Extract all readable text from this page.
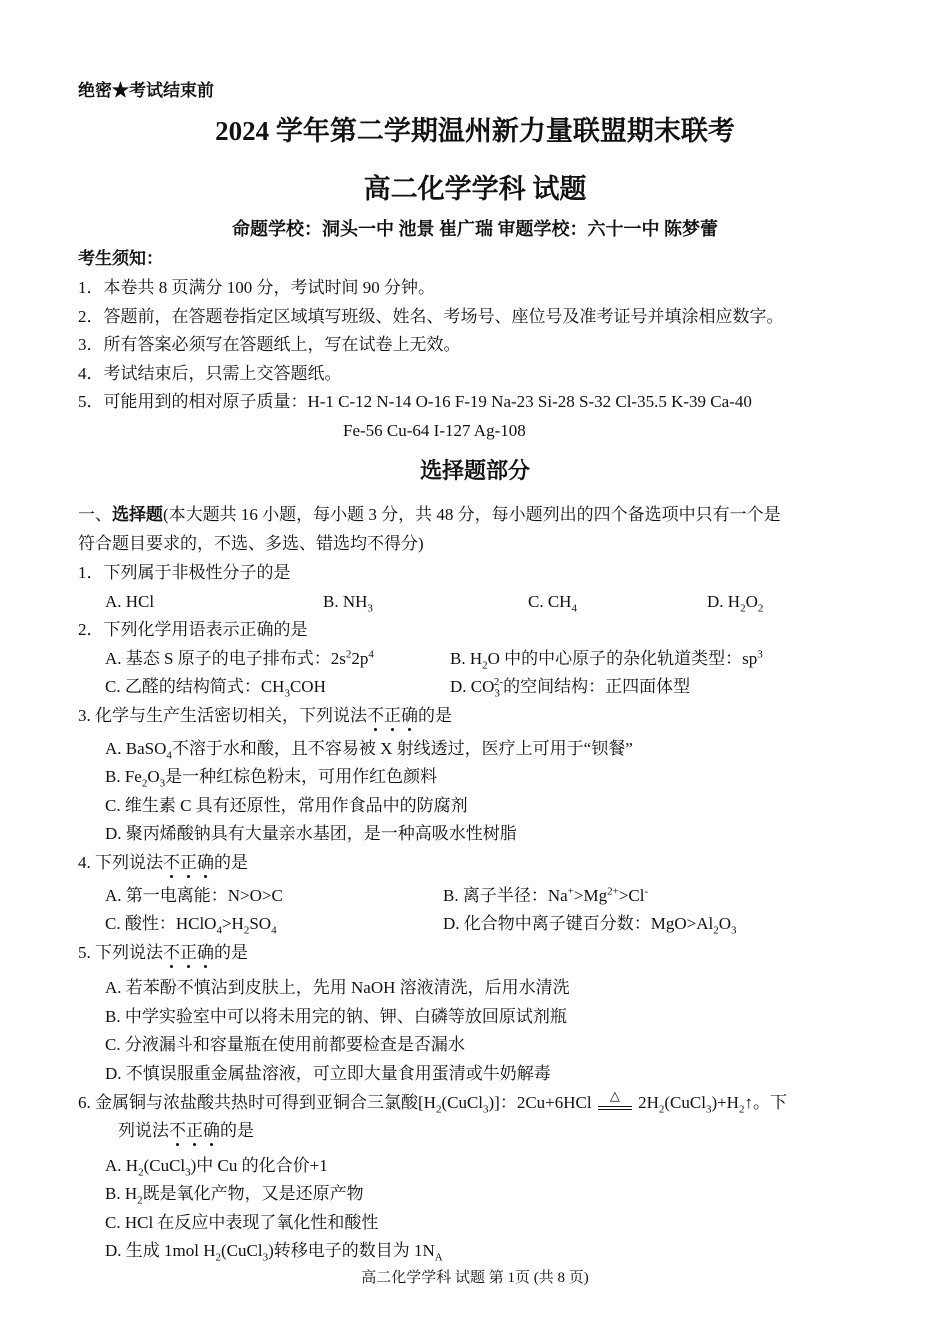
绝密★考试结束前
2024 学年第二学期温州新力量联盟期末联考
高二化学学科 试题
命题学校：洞头一中 池景 崔广瑞 审题学校：六十一中 陈梦蕾
考生须知：
1．本卷共 8 页满分 100 分，考试时间 90 分钟。
2．答题前，在答题卷指定区域填写班级、姓名、考场号、座位号及准考证号并填涂相应数字。
3．所有答案必须写在答题纸上，写在试卷上无效。
4．考试结束后，只需上交答题纸。
5．可能用到的相对原子质量：H-1 C-12 N-14 O-16 F-19 Na-23 Si-28 S-32 Cl-35.5 K-39 Ca-40
Fe-56 Cu-64 I-127 Ag-108
选择题部分
一、选择题(本大题共 16 小题，每小题 3 分，共 48 分，每小题列出的四个备选项中只有一个是
符合题目要求的，不选、多选、错选均不得分)
1．下列属于非极性分子的是
A. HCl	B. $NH_3$	C. $CH_4$	D. $H_2O_2$
2．下列化学用语表示正确的是
A. 基态 S 原子的电子排布式：$2s^22p^4$	B. $H_2O$ 中的中心原子的杂化轨道类型：$sp^3$
C. 乙醛的结构简式：$CH_3COH$	D. $CO_3^{2-}$的空间结构：正四面体型
3. 化学与生产生活密切相关，下列说法不正确的是
A. BaSO$_4$不溶于水和酸，且不容易被 X 射线透过，医疗上可用于“钡餐”
B. $Fe_2O_3$是一种红棕色粉末，可用作红色颜料
C. 维生素 C 具有还原性，常用作食品中的防腐剂
D. 聚丙烯酸钠具有大量亲水基团，是一种高吸水性树脂
4. 下列说法不正确的是
A. 第一电离能：N>O>C	B. 离子半径：$Na^+>Mg^{2+}>Cl^-$
C. 酸性：$HClO_4>H_2SO_4$	D. 化合物中离子键百分数：$MgO>Al_2O_3$
5. 下列说法不正确的是
A. 若苯酚不慎沾到皮肤上，先用 NaOH 溶液清洗，后用水清洗
B. 中学实验室中可以将未用完的钠、钾、白磷等放回原试剂瓶
C. 分液漏斗和容量瓶在使用前都要检查是否漏水
D. 不慎误服重金属盐溶液，可立即大量食用蛋清或牛奶解毒
6. 金属铜与浓盐酸共热时可得到亚铜合三氯酸$[H_2(CuCl_3)]$：2Cu+6HCl △
$2H_2(CuCl_3)+H_2↑$。下
列说法不正确的是
A. $H_2(CuCl_3)$中 Cu 的化合价+1
B. $H_2$既是氧化产物，又是还原产物
C. HCl 在反应中表现了氧化性和酸性
D. 生成 1mol $H_2(CuCl_3)$转移电子的数目为 $1N_A$
高二化学学科 试题 第 1页 (共 8 页)
